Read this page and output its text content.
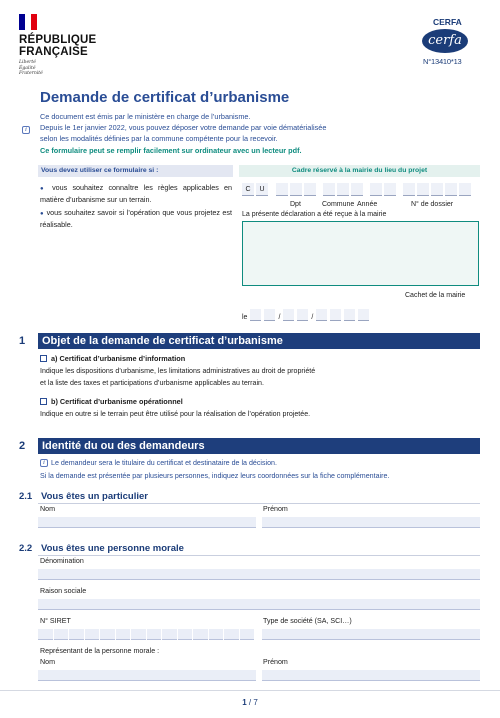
RÉPUBLIQUE
FRANÇAISE
Liberté
Égalité
Fraternité
CERFA
cerfa
N°13410*13
Demande de certificat d’urbanisme
Ce document est émis par le ministère en charge de l’urbanisme.
i	Depuis le 1er janvier 2022, vous pouvez déposer votre demande par voie dématérialisée
selon les modalités définies par la commune compétente pour la recevoir.
Ce formulaire peut se remplir facilement sur ordinateur avec un lecteur pdf.
Vous devez utiliser ce formulaire si :
● vous souhaitez connaître les règles applicables en matière d’urbanisme sur un terrain.
● vous souhaitez savoir si l’opération que vous projetez est réalisable.
Cadre réservé à la mairie du lieu du projet
C	U
Dpt	Commune Année	N° de dossier
La présente déclaration a été reçue à la mairie
Cachet de la mairie
le	/	/
1	Objet de la demande de certificat d’urbanisme
a) Certificat d’urbanisme d’information
Indique les dispositions d’urbanisme, les limitations administratives au droit de propriété
et la liste des taxes et participations d’urbanisme applicables au terrain.
b) Certificat d’urbanisme opérationnel
Indique en outre si le terrain peut être utilisé pour la réalisation de l’opération projetée.
2	Identité du ou des demandeurs
i Le demandeur sera le titulaire du certificat et destinataire de la décision.
Si la demande est présentée par plusieurs personnes, indiquez leurs coordonnées sur la fiche complémentaire.
2.1 Vous êtes un particulier
Nom	Prénom
2.2 Vous êtes une personne morale
Dénomination
Raison sociale
N° SIRET	Type de société (SA, SCI…)
Représentant de la personne morale :
Nom	Prénom
1 / 7
